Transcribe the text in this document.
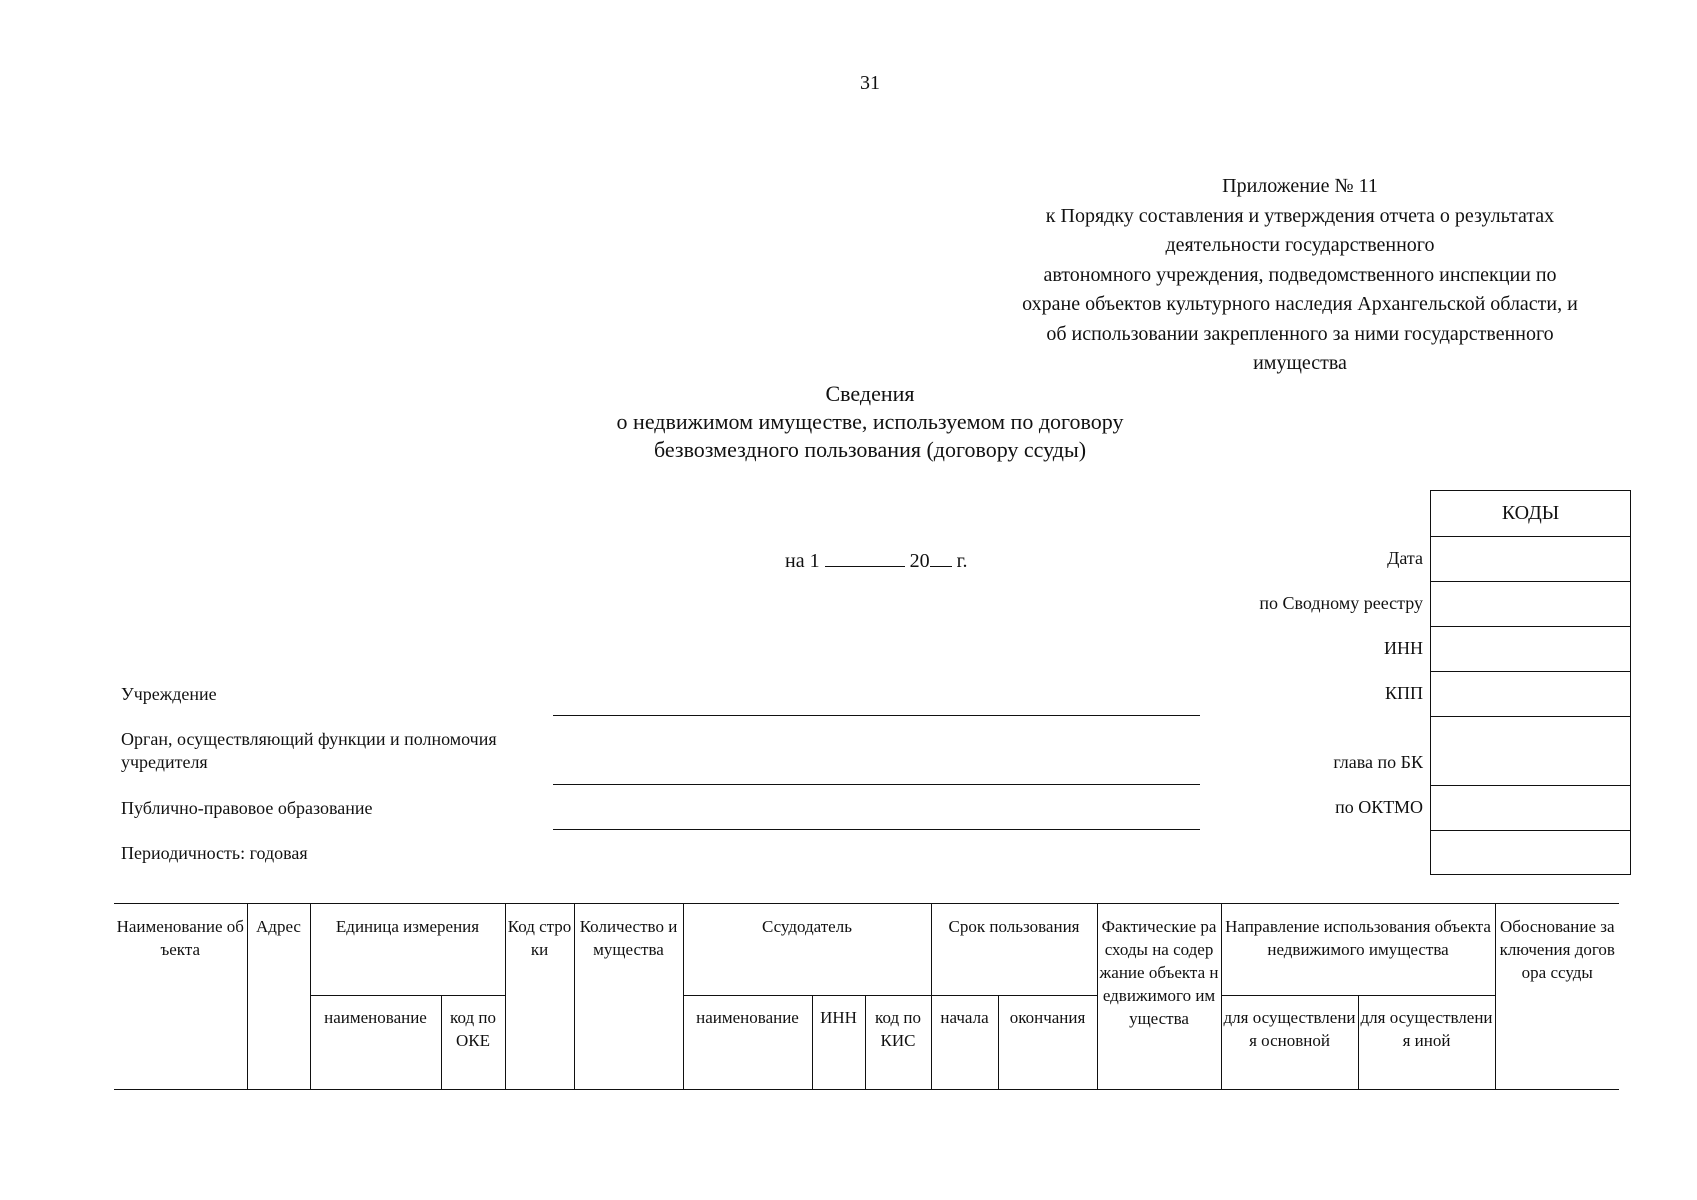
31
Приложение № 11
к Порядку составления и утверждения отчета о результатах
деятельности государственного
автономного учреждения, подведомственного инспекции по
охране объектов культурного наследия Архангельской области, и
об использовании закрепленного за ними государственного
имущества
Сведения
о недвижимом имуществе, используемом по договору
безвозмездного пользования (договору ссуды)
на 1	20 г.
Учреждение
Орган, осуществляющий функции и полномочия
учредителя
Публично-правовое образование
Периодичность: годовая
Дата
по Сводному реестру
ИНН
КПП
глава по БК
по ОКТМО
КОДЫ
Наименование объекта	Адрес	Единица измерения		Код строки	Количество имущества	Ссудодатель			Срок пользования		Фактические расходы на содержание объекта недвижимого имущества	Направление использования объекта недвижимого имущества		Обоснование заключения договора ссуды
		наименование	код по ОКЕ			наименование	ИНН	код по КИС	начала	окончания		для осуществления основной	для осуществления иной	
